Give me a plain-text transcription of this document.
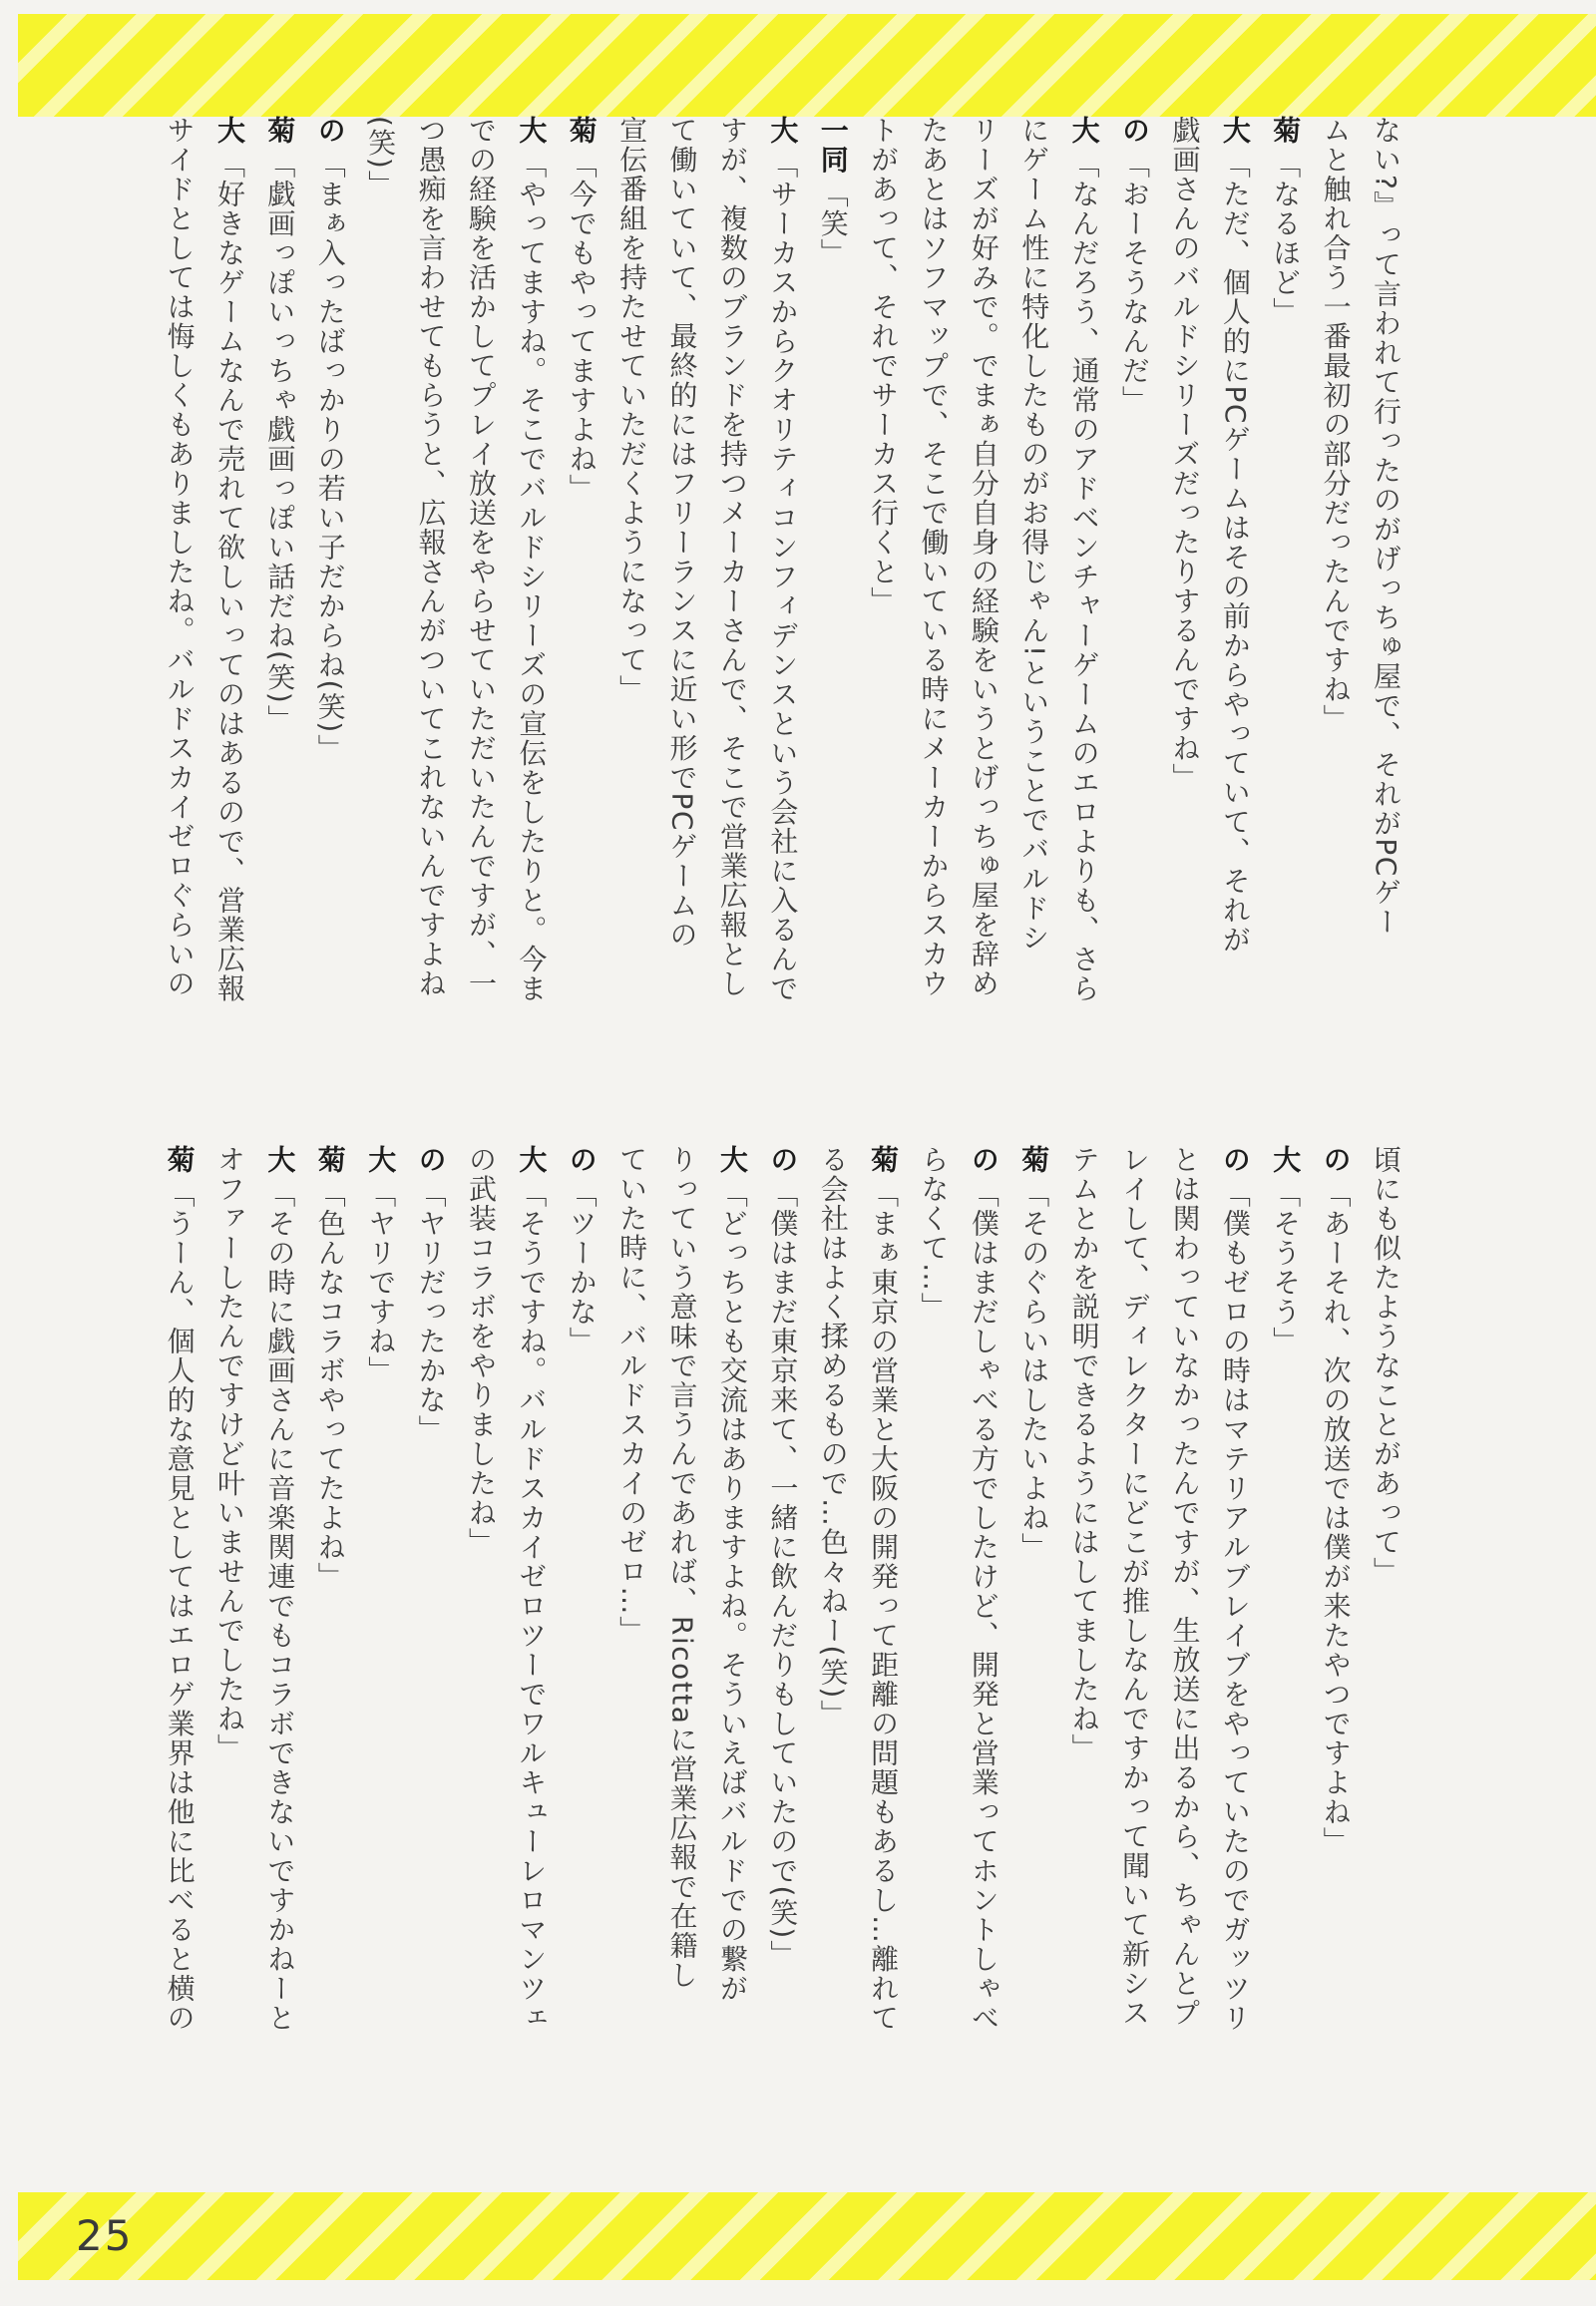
ない?』って言われて行ったのがげっちゅ屋で、それがPCゲー

ムと触れ合う一番最初の部分だったんですね」

菊「なるほど」

大「ただ、個人的にPCゲームはその前からやっていて、それが

戯画さんのバルドシリーズだったりするんですね」

の「おーそうなんだ」

大「なんだろう、通常のアドベンチャーゲームのエロよりも、さら

にゲーム性に特化したものがお得じゃん!ということでバルドシ

リーズが好みで。でまぁ自分自身の経験をいうとげっちゅ屋を辞め

たあとはソフマップで、そこで働いている時にメーカーからスカウ

トがあって、それでサーカス行くと」

一同「笑」

大「サーカスからクオリティコンフィデンスという会社に入るんで

すが、複数のブランドを持つメーカーさんで、そこで営業広報とし

て働いていて、最終的にはフリーランスに近い形でPCゲームの

宣伝番組を持たせていただくようになって」

菊「今でもやってますよね」

大「やってますね。そこでバルドシリーズの宣伝をしたりと。今ま

での経験を活かしてプレイ放送をやらせていただいたんですが、一

つ愚痴を言わせてもらうと、広報さんがついてこれないんですよね

(笑)」

の「まぁ入ったばっかりの若い子だからね(笑)」

菊「戯画っぽいっちゃ戯画っぽい話だね(笑)」

大「好きなゲームなんで売れて欲しいってのはあるので、営業広報

サイドとしては悔しくもありましたね。バルドスカイゼロぐらいの

頃にも似たようなことがあって」

の「あーそれ、次の放送では僕が来たやつですよね」

大「そうそう」

の「僕もゼロの時はマテリアルブレイブをやっていたのでガッツリ

とは関わっていなかったんですが、生放送に出るから、ちゃんとプ

レイして、ディレクターにどこが推しなんですかって聞いて新シス

テムとかを説明できるようにはしてましたね」

菊「そのぐらいはしたいよね」

の「僕はまだしゃべる方でしたけど、開発と営業ってホントしゃべ

らなくて…」

菊「まぁ東京の営業と大阪の開発って距離の問題もあるし…離れて

る会社はよく揉めるもので…色々ねー(笑)」

の「僕はまだ東京来て、一緒に飲んだりもしていたので(笑)」

大「どっちとも交流はありますよね。そういえばバルドでの繋が

りっていう意味で言うんであれば、Ricottaに営業広報で在籍し

ていた時に、バルドスカイのゼロ…」

の「ツーかな」

大「そうですね。バルドスカイゼロツーでワルキューレロマンツェ

の武装コラボをやりましたね」

の「ヤリだったかな」

大「ヤリですね」

菊「色んなコラボやってたよね」

大「その時に戯画さんに音楽関連でもコラボできないですかねーと

オファーしたんですけど叶いませんでしたね」

菊「うーん、個人的な意見としてはエロゲ業界は他に比べると横の

25
